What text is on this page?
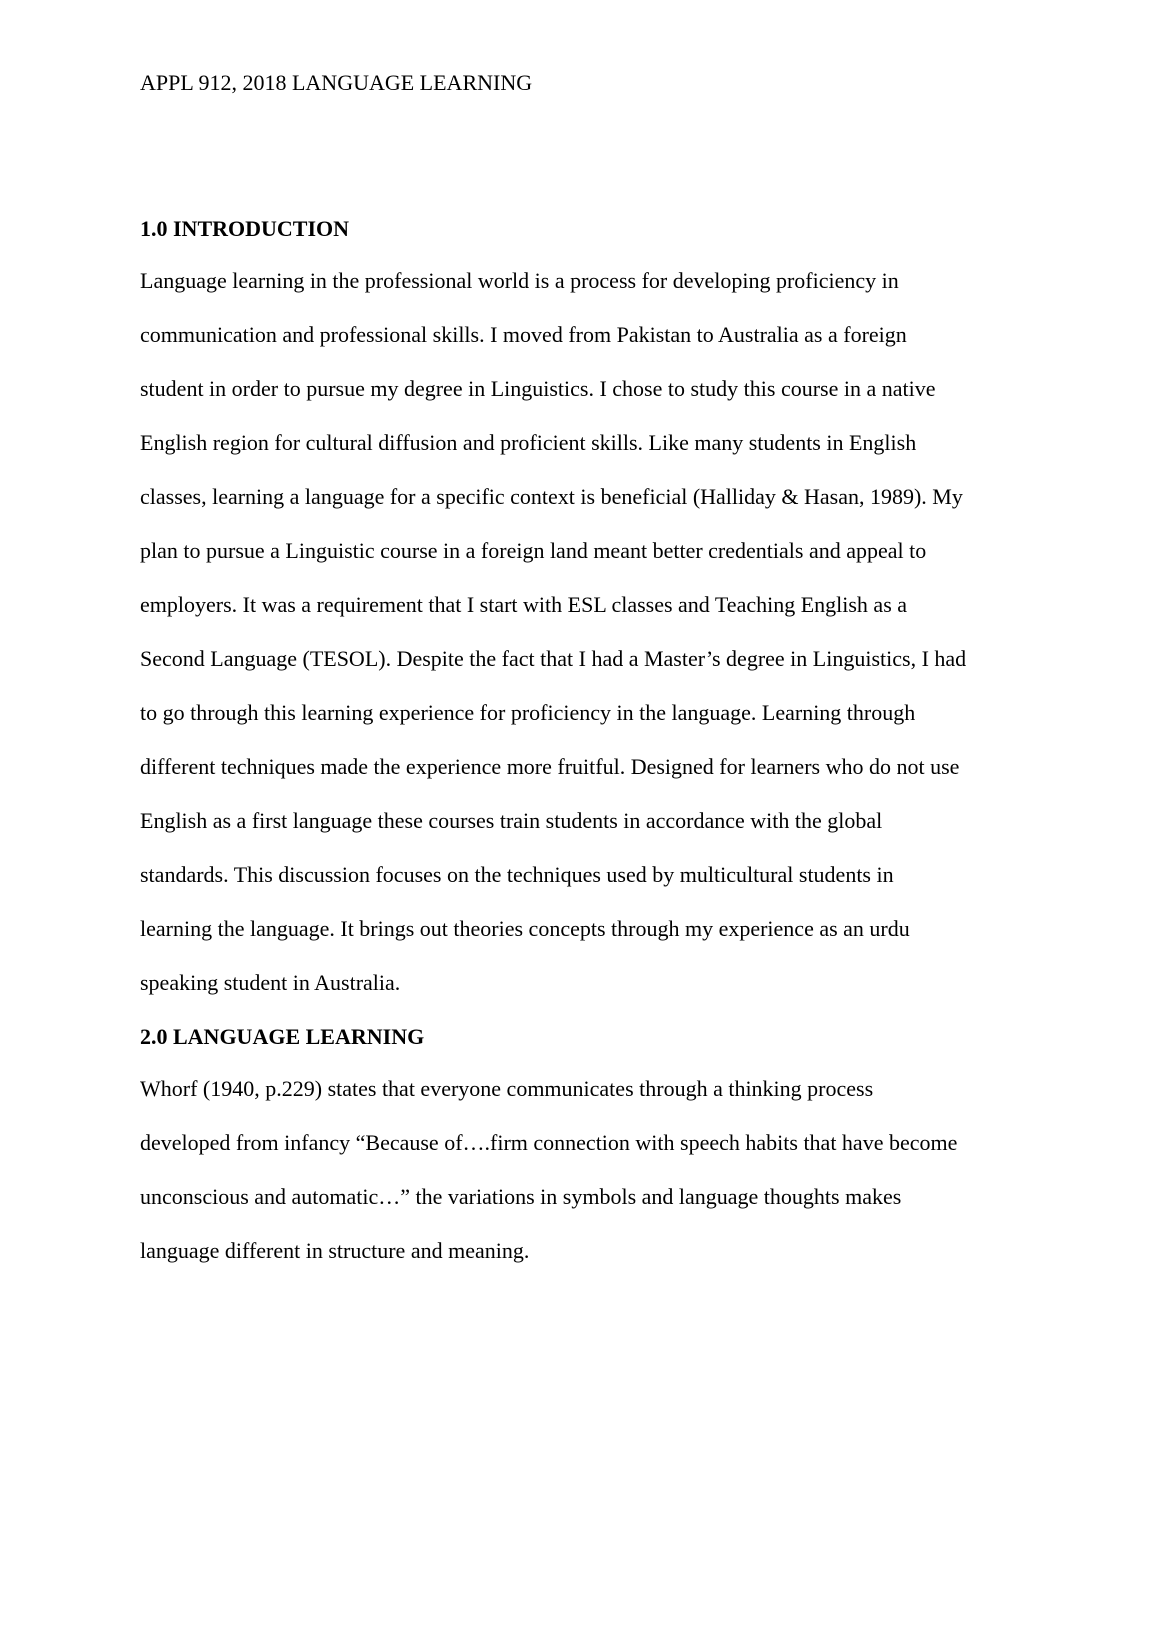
APPL 912, 2018 LANGUAGE LEARNING
1.0 INTRODUCTION

Language learning in the professional world is a process for developing proficiency in
communication and professional skills. I moved from Pakistan to Australia as a foreign
student in order to pursue my degree in Linguistics. I chose to study this course in a native
English region for cultural diffusion and proficient skills. Like many students in English
classes, learning a language for a specific context is beneficial (Halliday & Hasan, 1989). My
plan to pursue a Linguistic course in a foreign land meant better credentials and appeal to
employers. It was a requirement that I start with ESL classes and Teaching English as a
Second Language (TESOL). Despite the fact that I had a Master’s degree in Linguistics, I had
to go through this learning experience for proficiency in the language. Learning through
different techniques made the experience more fruitful. Designed for learners who do not use
English as a first language these courses train students in accordance with the global
standards. This discussion focuses on the techniques used by multicultural students in
learning the language. It brings out theories concepts through my experience as an urdu
speaking student in Australia.

2.0 LANGUAGE LEARNING

Whorf (1940, p.229) states that everyone communicates through a thinking process
developed from infancy “Because of….firm connection with speech habits that have become
unconscious and automatic…” the variations in symbols and language thoughts makes
language different in structure and meaning.
